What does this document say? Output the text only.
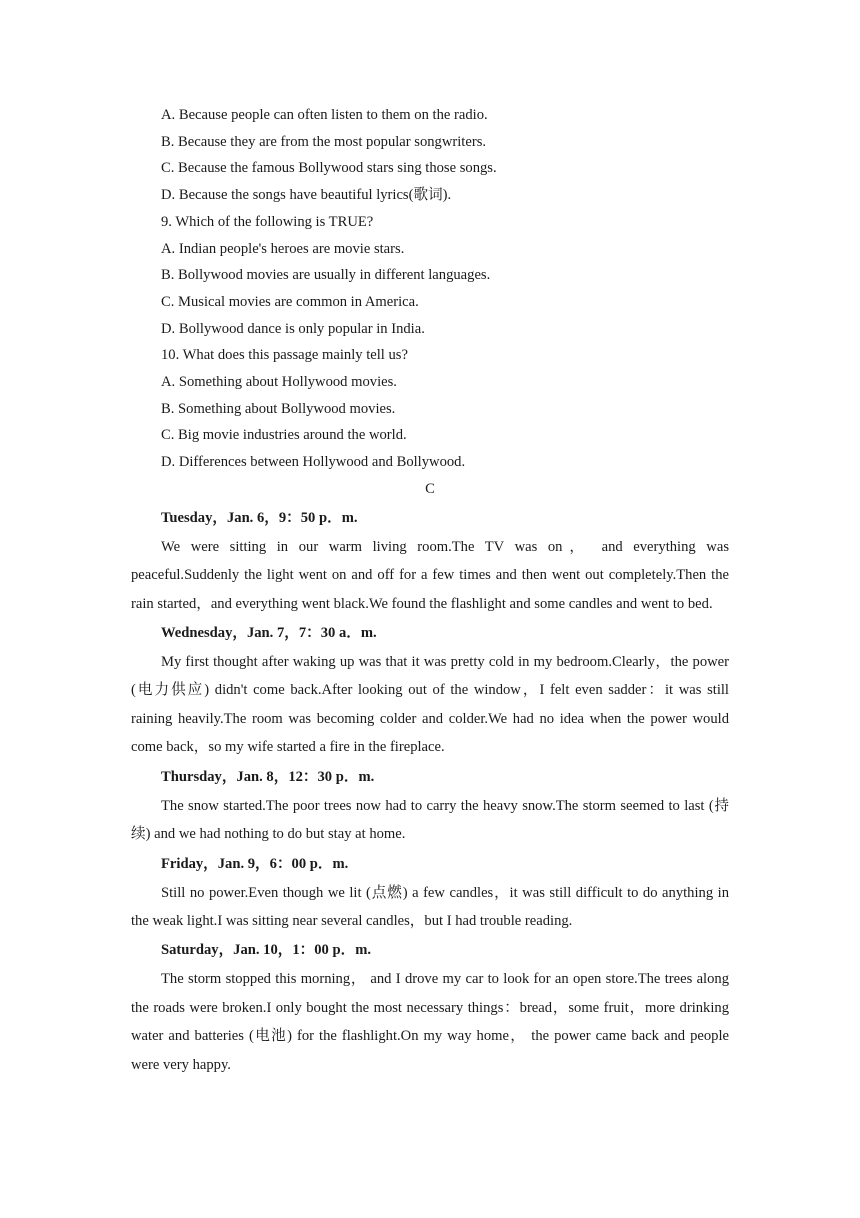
A. Because people can often listen to them on the radio.
B. Because they are from the most popular songwriters.
C. Because the famous Bollywood stars sing those songs.
D. Because the songs have beautiful lyrics(歌词).
9. Which of the following is TRUE?
A. Indian people's heroes are movie stars.
B. Bollywood movies are usually in different languages.
C. Musical movies are common in America.
D. Bollywood dance is only popular in India.
10. What does this passage mainly tell us?
A. Something about Hollywood movies.
B. Something about Bollywood movies.
C. Big movie industries around the world.
D. Differences between Hollywood and Bollywood.
C
Tuesday，Jan. 6，9：50 p．m.

We were sitting in our warm living room.The TV was on， and everything was peaceful.Suddenly the light went on and off for a few times and then went out completely.Then the rain started，and everything went black.We found the flashlight and some candles and went to bed.

Wednesday，Jan. 7，7：30 a．m.

My first thought after waking up was that it was pretty cold in my bedroom.Clearly，the power (电力供应) didn't come back.After looking out of the window，I felt even sadder：it was still raining heavily.The room was becoming colder and colder.We had no idea when the power would come back，so my wife started a fire in the fireplace.

Thursday，Jan. 8，12：30 p．m.

The snow started.The poor trees now had to carry the heavy snow.The storm seemed to last (持续) and we had nothing to do but stay at home.

Friday，Jan. 9，6：00 p．m.

Still no power.Even though we lit (点燃) a few candles，it was still difficult to do anything in the weak light.I was sitting near several candles，but I had trouble reading.

Saturday，Jan. 10，1：00 p．m.

The storm stopped this morning， and I drove my car to look for an open store.The trees along the roads were broken.I only bought the most necessary things：bread，some fruit，more drinking water and batteries (电池) for the flashlight.On my way home， the power came back and people were very happy.
